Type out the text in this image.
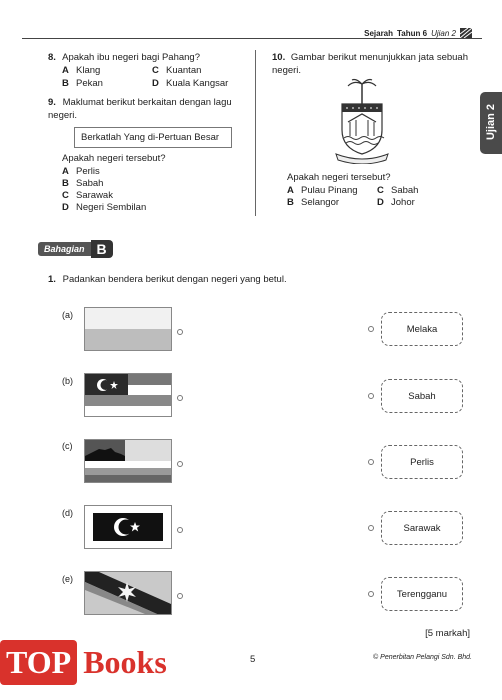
Sejarah Tahun 6 Ujian 2
Ujian 2
8. Apakah ibu negeri bagi Pahang?
A Klang
B Pekan
C Kuantan
D Kuala Kangsar
9. Maklumat berikut berkaitan dengan lagu negeri.
Berkatlah Yang di-Pertuan Besar
Apakah negeri tersebut?
A Perlis
B Sabah
C Sarawak
D Negeri Sembilan
10. Gambar berikut menunjukkan jata sebuah negeri.
Apakah negeri tersebut?
A Pulau Pinang
B Selangor
C Sabah
D Johor
Bahagian B
1. Padankan bendera berikut dengan negeri yang betul.
(a)
(b)
(c)
(d)
(e)
Melaka
Sabah
Perlis
Sarawak
Terengganu
[5 markah]
5	© Penerbitan Pelangi Sdn. Bhd.
TOP Books
